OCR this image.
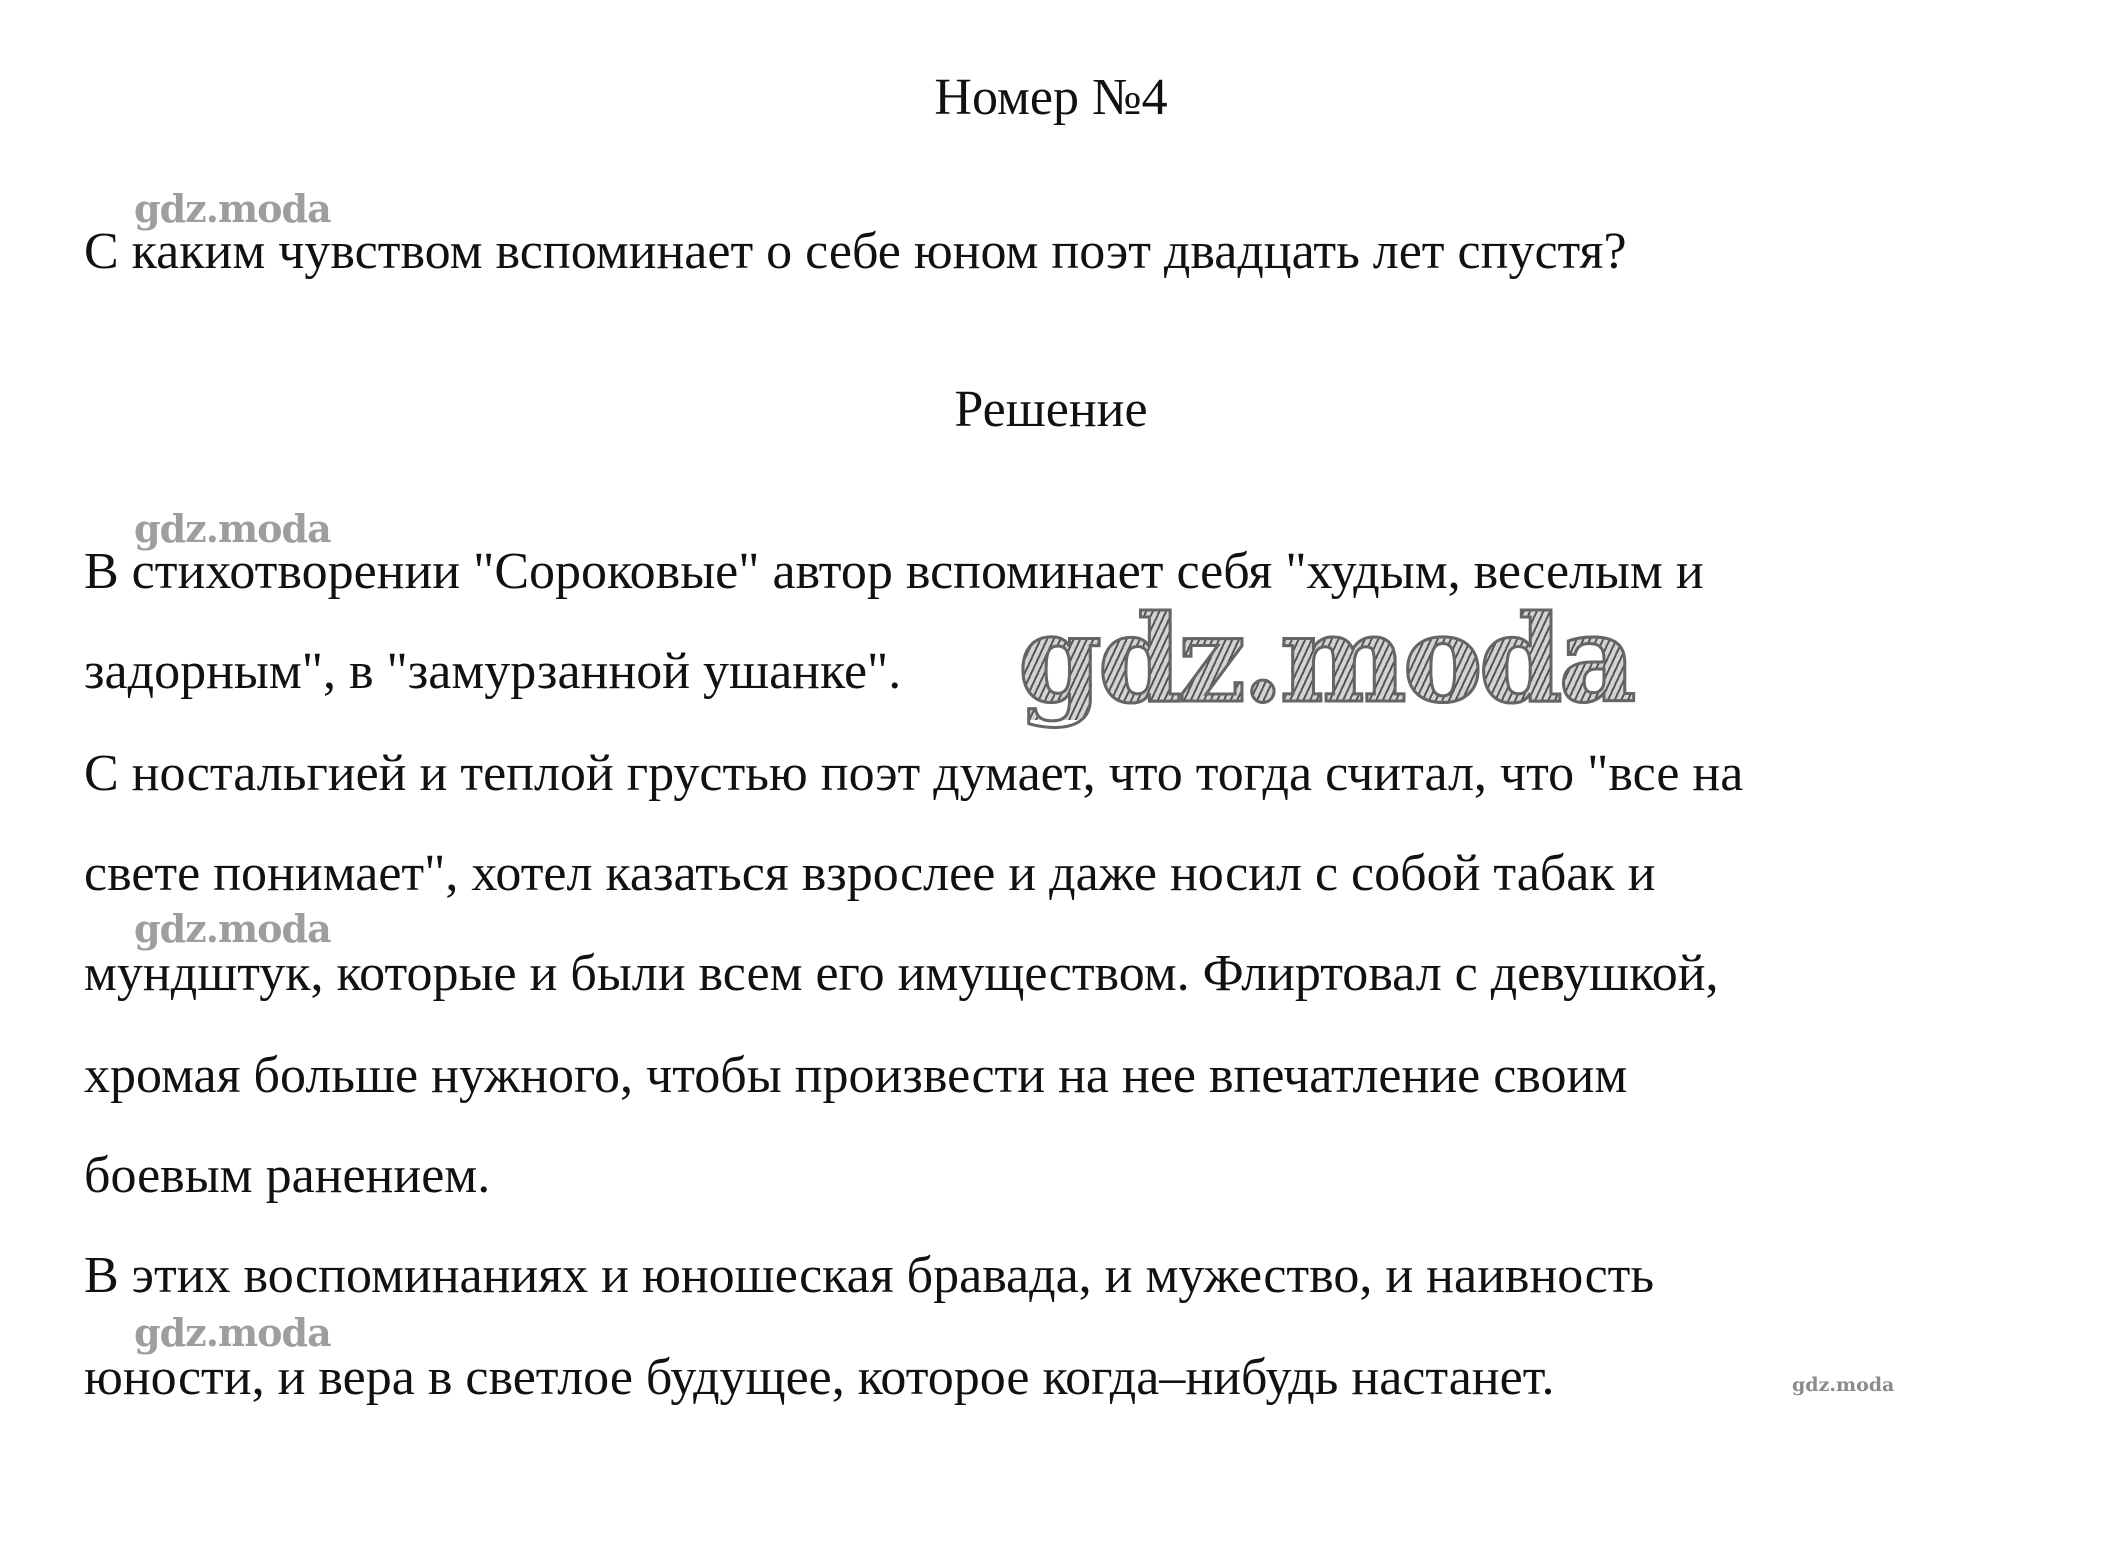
Номер №4
С каким чувством вспоминает о себе юном поэт двадцать лет спустя?
Решение
В стихотворении "Сороковые" автор вспоминает себя "худым, веселым и
задорным", в "замурзанной ушанке".
С ностальгией и теплой грустью поэт думает, что тогда считал, что "все на
свете понимает", хотел казаться взрослее и даже носил с собой табак и
мундштук, которые и были всем его имуществом. Флиртовал с девушкой,
хромая больше нужного, чтобы произвести на нее впечатление своим
боевым ранением.
В этих воспоминаниях и юношеская бравада, и мужество, и наивность
юности, и вера в светлое будущее, которое когда–нибудь настанет.
gdz.moda
gdz.moda
gdz.moda
gdz.moda
gdz.moda
gdz.moda
